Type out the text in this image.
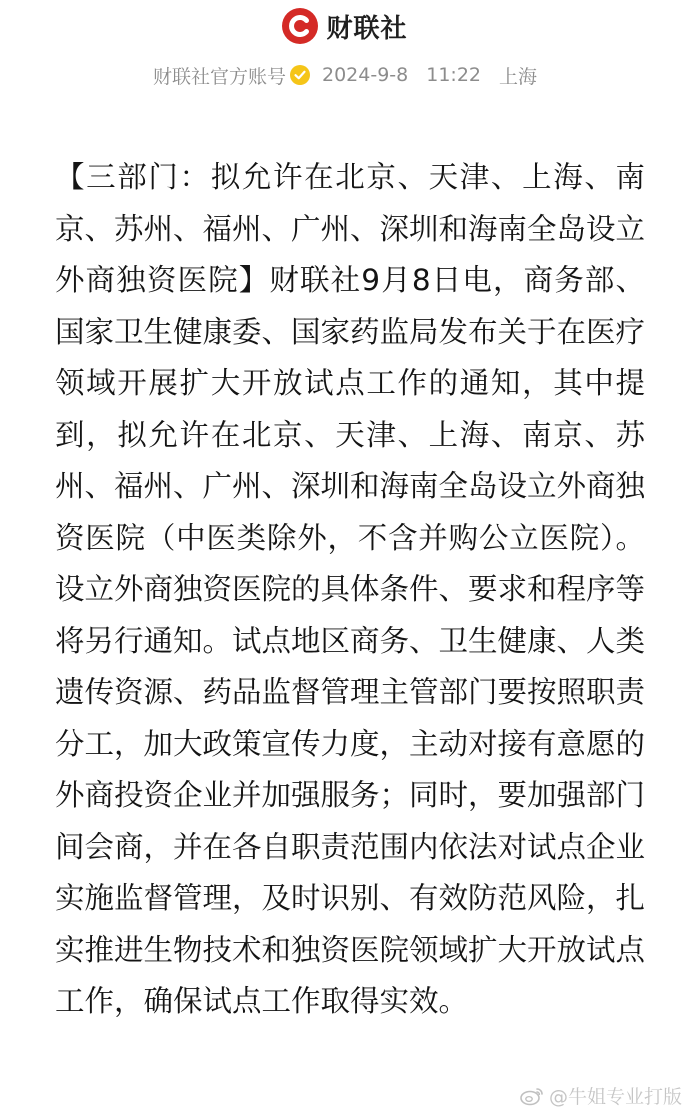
财联社
财联社官方账号 2024-9-8 11:22 上海

【三部门：拟允许在北京、天津、上海、南京、苏州、福州、广州、深圳和海南全岛设立外商独资医院】财联社9月8日电，商务部、国家卫生健康委、国家药监局发布关于在医疗领域开展扩大开放试点工作的通知，其中提到，拟允许在北京、天津、上海、南京、苏州、福州、广州、深圳和海南全岛设立外商独资医院（中医类除外，不含并购公立医院）。设立外商独资医院的具体条件、要求和程序等将另行通知。试点地区商务、卫生健康、人类遗传资源、药品监督管理主管部门要按照职责分工，加大政策宣传力度，主动对接有意愿的外商投资企业并加强服务；同时，要加强部门间会商，并在各自职责范围内依法对试点企业实施监督管理，及时识别、有效防范风险，扎实推进生物技术和独资医院领域扩大开放试点工作，确保试点工作取得实效。

@牛姐专业打版
